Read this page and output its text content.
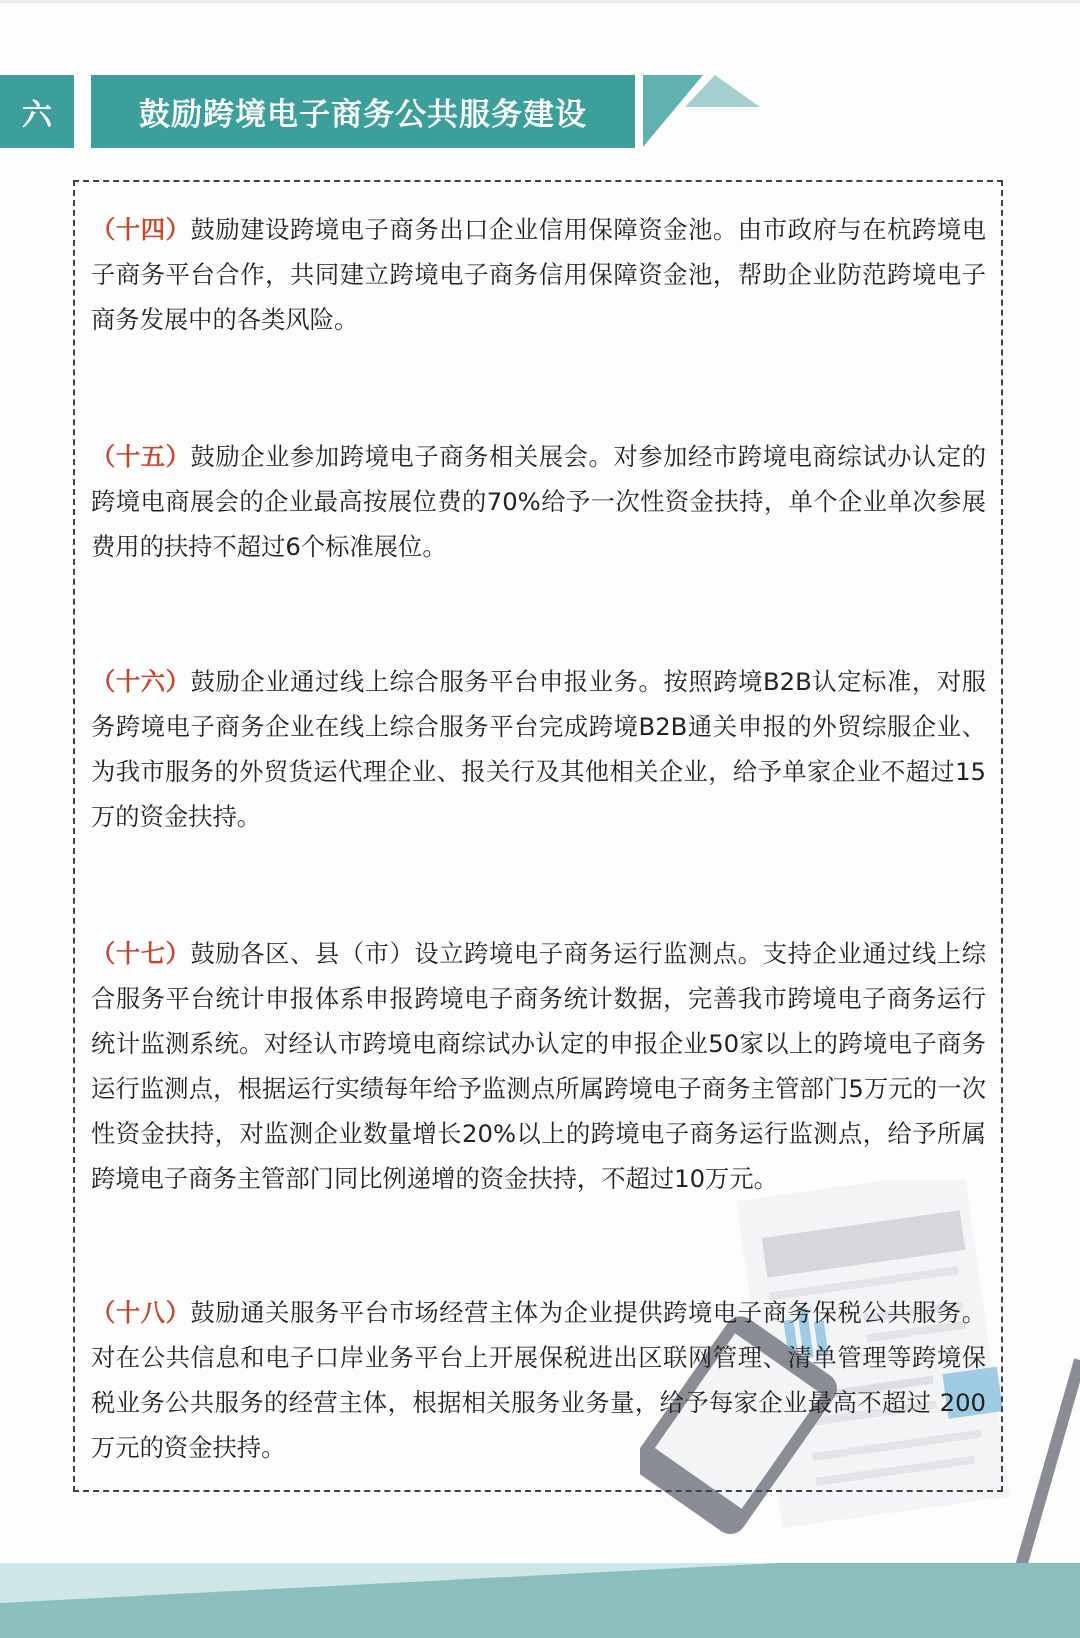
六	鼓励跨境电子商务公共服务建设

（十四）鼓励建设跨境电子商务出口企业信用保障资金池。由市政府与在杭跨境电子商务平台合作，共同建立跨境电子商务信用保障资金池，帮助企业防范跨境电子商务发展中的各类风险。

（十五）鼓励企业参加跨境电子商务相关展会。对参加经市跨境电商综试办认定的跨境电商展会的企业最高按展位费的70%给予一次性资金扶持，单个企业单次参展费用的扶持不超过6个标准展位。

（十六）鼓励企业通过线上综合服务平台申报业务。按照跨境B2B认定标准，对服务跨境电子商务企业在线上综合服务平台完成跨境B2B通关申报的外贸综服企业、为我市服务的外贸货运代理企业、报关行及其他相关企业，给予单家企业不超过15万的资金扶持。

（十七）鼓励各区、县（市）设立跨境电子商务运行监测点。支持企业通过线上综合服务平台统计申报体系申报跨境电子商务统计数据，完善我市跨境电子商务运行统计监测系统。对经认市跨境电商综试办认定的申报企业50家以上的跨境电子商务运行监测点，根据运行实绩每年给予监测点所属跨境电子商务主管部门5万元的一次性资金扶持，对监测企业数量增长20%以上的跨境电子商务运行监测点，给予所属跨境电子商务主管部门同比例递增的资金扶持，不超过10万元。

（十八）鼓励通关服务平台市场经营主体为企业提供跨境电子商务保税公共服务。对在公共信息和电子口岸业务平台上开展保税进出区联网管理、清单管理等跨境保税业务公共服务的经营主体，根据相关服务业务量，给予每家企业最高不超过 200万元的资金扶持。
